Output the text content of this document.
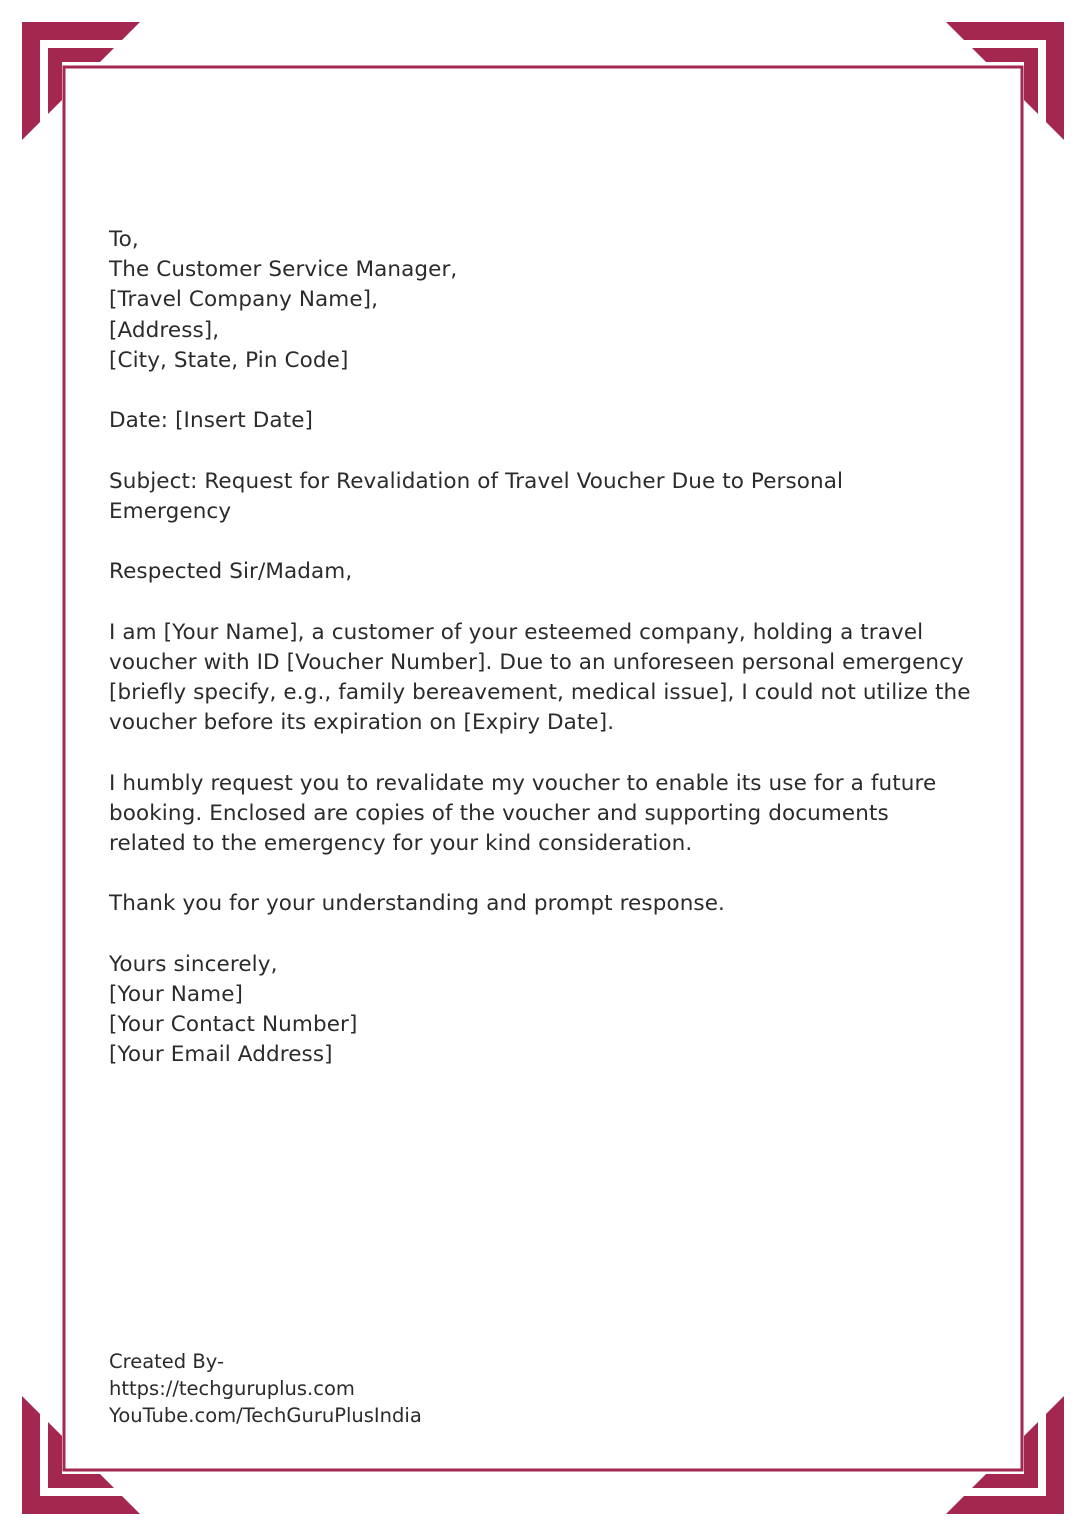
To,
The Customer Service Manager,
[Travel Company Name],
[Address],
[City, State, Pin Code]

Date: [Insert Date]

Subject: Request for Revalidation of Travel Voucher Due to Personal Emergency

Respected Sir/Madam,

I am [Your Name], a customer of your esteemed company, holding a travel voucher with ID [Voucher Number]. Due to an unforeseen personal emergency [briefly specify, e.g., family bereavement, medical issue], I could not utilize the voucher before its expiration on [Expiry Date].

I humbly request you to revalidate my voucher to enable its use for a future booking. Enclosed are copies of the voucher and supporting documents related to the emergency for your kind consideration.

Thank you for your understanding and prompt response.

Yours sincerely,
[Your Name]
[Your Contact Number]
[Your Email Address]

Created By-
https://techguruplus.com
YouTube.com/TechGuruPlusIndia
